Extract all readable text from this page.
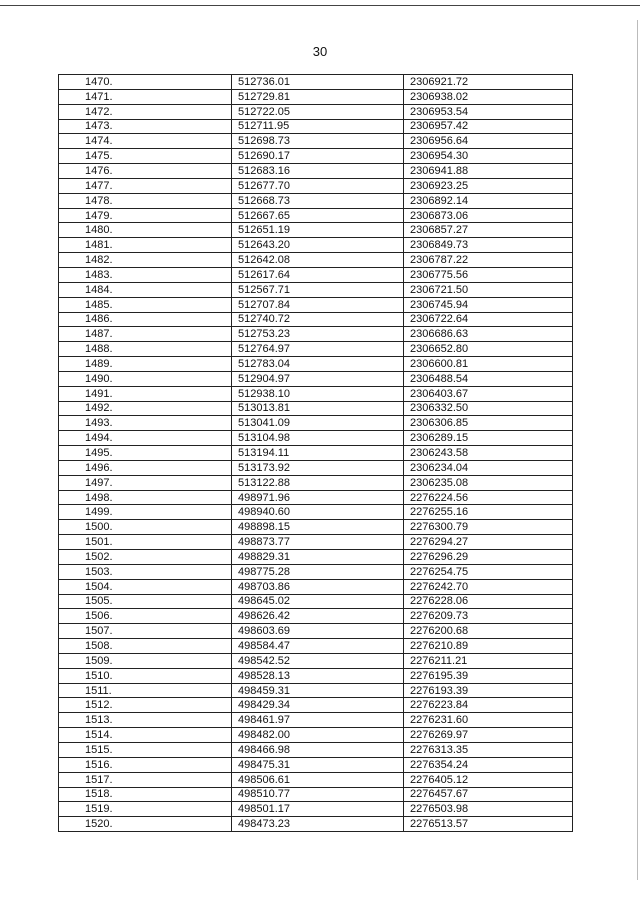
30
1470.	512736.01	2306921.72
1471.	512729.81	2306938.02
1472.	512722.05	2306953.54
1473.	512711.95	2306957.42
1474.	512698.73	2306956.64
1475.	512690.17	2306954.30
1476.	512683.16	2306941.88
1477.	512677.70	2306923.25
1478.	512668.73	2306892.14
1479.	512667.65	2306873.06
1480.	512651.19	2306857.27
1481.	512643.20	2306849.73
1482.	512642.08	2306787.22
1483.	512617.64	2306775.56
1484.	512567.71	2306721.50
1485.	512707.84	2306745.94
1486.	512740.72	2306722.64
1487.	512753.23	2306686.63
1488.	512764.97	2306652.80
1489.	512783.04	2306600.81
1490.	512904.97	2306488.54
1491.	512938.10	2306403.67
1492.	513013.81	2306332.50
1493.	513041.09	2306306.85
1494.	513104.98	2306289.15
1495.	513194.11	2306243.58
1496.	513173.92	2306234.04
1497.	513122.88	2306235.08
1498.	498971.96	2276224.56
1499.	498940.60	2276255.16
1500.	498898.15	2276300.79
1501.	498873.77	2276294.27
1502.	498829.31	2276296.29
1503.	498775.28	2276254.75
1504.	498703.86	2276242.70
1505.	498645.02	2276228.06
1506.	498626.42	2276209.73
1507.	498603.69	2276200.68
1508.	498584.47	2276210.89
1509.	498542.52	2276211.21
1510.	498528.13	2276195.39
1511.	498459.31	2276193.39
1512.	498429.34	2276223.84
1513.	498461.97	2276231.60
1514.	498482.00	2276269.97
1515.	498466.98	2276313.35
1516.	498475.31	2276354.24
1517.	498506.61	2276405.12
1518.	498510.77	2276457.67
1519.	498501.17	2276503.98
1520.	498473.23	2276513.57
